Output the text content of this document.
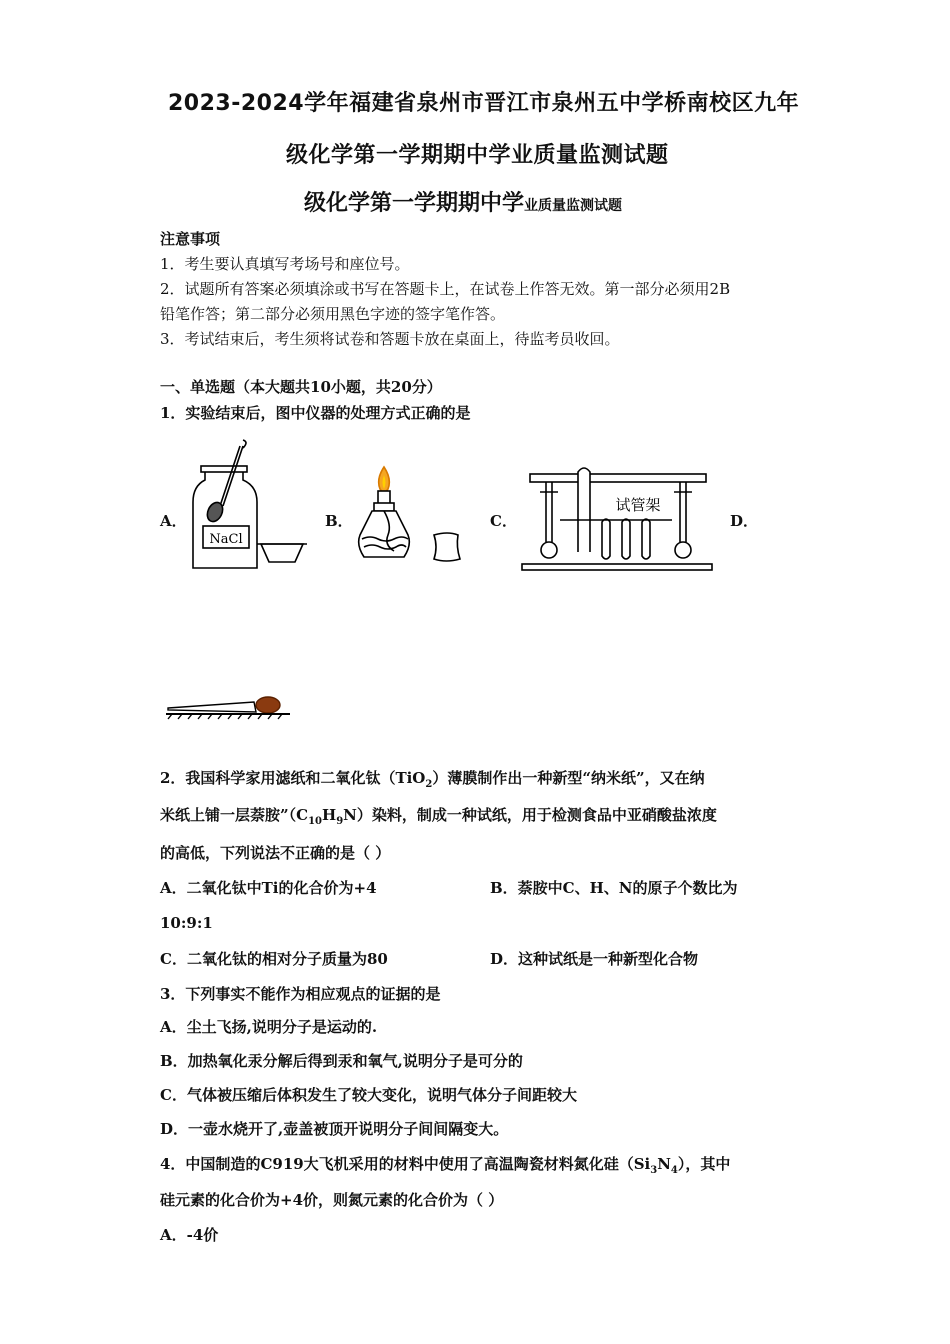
2023-2024学年福建省泉州市晋江市泉州五中学桥南校区九年
级化学第一学期期中学业质量监测试题
级化学第一学期期中学业质量监测试题
注意事项
1．考生要认真填写考场号和座位号。
2．试题所有答案必须填涂或书写在答题卡上，在试卷上作答无效。第一部分必须用2B
铅笔作答；第二部分必须用黑色字迹的签字笔作答。
3．考试结束后，考生须将试卷和答题卡放在桌面上，待监考员收回。
一、单选题（本大题共10小题，共20分）
1．实验结束后，图中仪器的处理方式正确的是
A．	B．	C．	D．
NaCl
试管架
2．我国科学家用滤纸和二氧化钛（TiO$_2$）薄膜制作出一种新型“纳米纸”，又在纳
米纸上铺一层萘胺$”(C_{10}H_9N)$染料，制成一种试纸，用于检测食品中亚硝酸盐浓度
的高低，下列说法不正确的是（ ）
A．二氧化钛中Ti的化合价为+4	B．萘胺中C、H、N的原子个数比为
10:9:1
C．二氧化钛的相对分子质量为80	D．这种试纸是一种新型化合物
3．下列事实不能作为相应观点的证据的是
A．尘土飞扬,说明分子是运动的.
B．加热氧化汞分解后得到汞和氧气,说明分子是可分的
C．气体被压缩后体积发生了较大变化，说明气体分子间距较大
D．一壶水烧开了,壶盖被顶开说明分子间间隔变大。
4．中国制造的C919大飞机采用的材料中使用了高温陶瓷材料氮化硅$(Si_3N_4)$，其中
硅元素的化合价为+4价，则氮元素的化合价为（ ）
A．-4价
